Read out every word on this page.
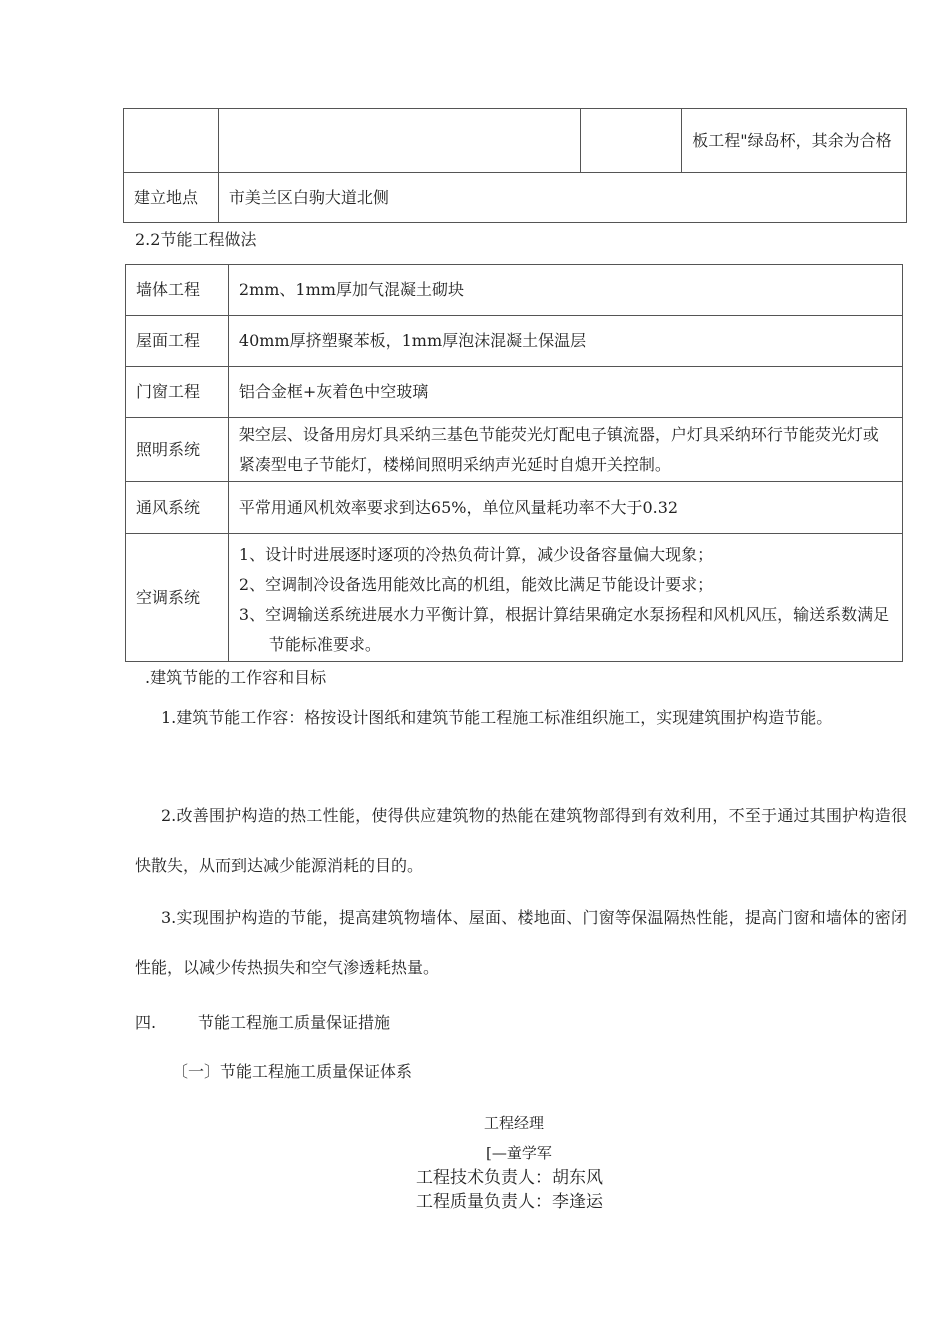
			板工程"绿岛杯，其余为合格
建立地点	市美兰区白驹大道北侧		
2.2节能工程做法
墙体工程	2mm、1mm厚加气混凝土砌块
屋面工程	40mm厚挤塑聚苯板，1mm厚泡沫混凝土保温层
门窗工程	铝合金框+灰着色中空玻璃
照明系统	架空层、设备用房灯具采纳三基色节能荧光灯配电子镇流器，户灯具采纳环行节能荧光灯或紧凑型电子节能灯，楼梯间照明采纳声光延时自熄开关控制。
通风系统	平常用通风机效率要求到达65%，单位风量耗功率不大于0.32
空调系统	1、设计时进展逐时逐项的冷热负荷计算，减少设备容量偏大现象；
2、空调制冷设备选用能效比高的机组，能效比满足节能设计要求；
3、空调输送系统进展水力平衡计算，根据计算结果确定水泵扬程和风机风压，输送系数满足节能标准要求。
.建筑节能的工作容和目标
1.建筑节能工作容：格按设计图纸和建筑节能工程施工标准组织施工，实现建筑围护构造节能。
2.改善围护构造的热工性能，使得供应建筑物的热能在建筑物部得到有效利用，不至于通过其围护构造很快散失，从而到达减少能源消耗的目的。
3.实现围护构造的节能，提高建筑物墙体、屋面、楼地面、门窗等保温隔热性能，提高门窗和墙体的密闭性能，以减少传热损失和空气渗透耗热量。
四.	节能工程施工质量保证措施
〔一〕节能工程施工质量保证体系
工程经理
[—童学军
工程技术负责人：胡东风
工程质量负责人：李逢运
